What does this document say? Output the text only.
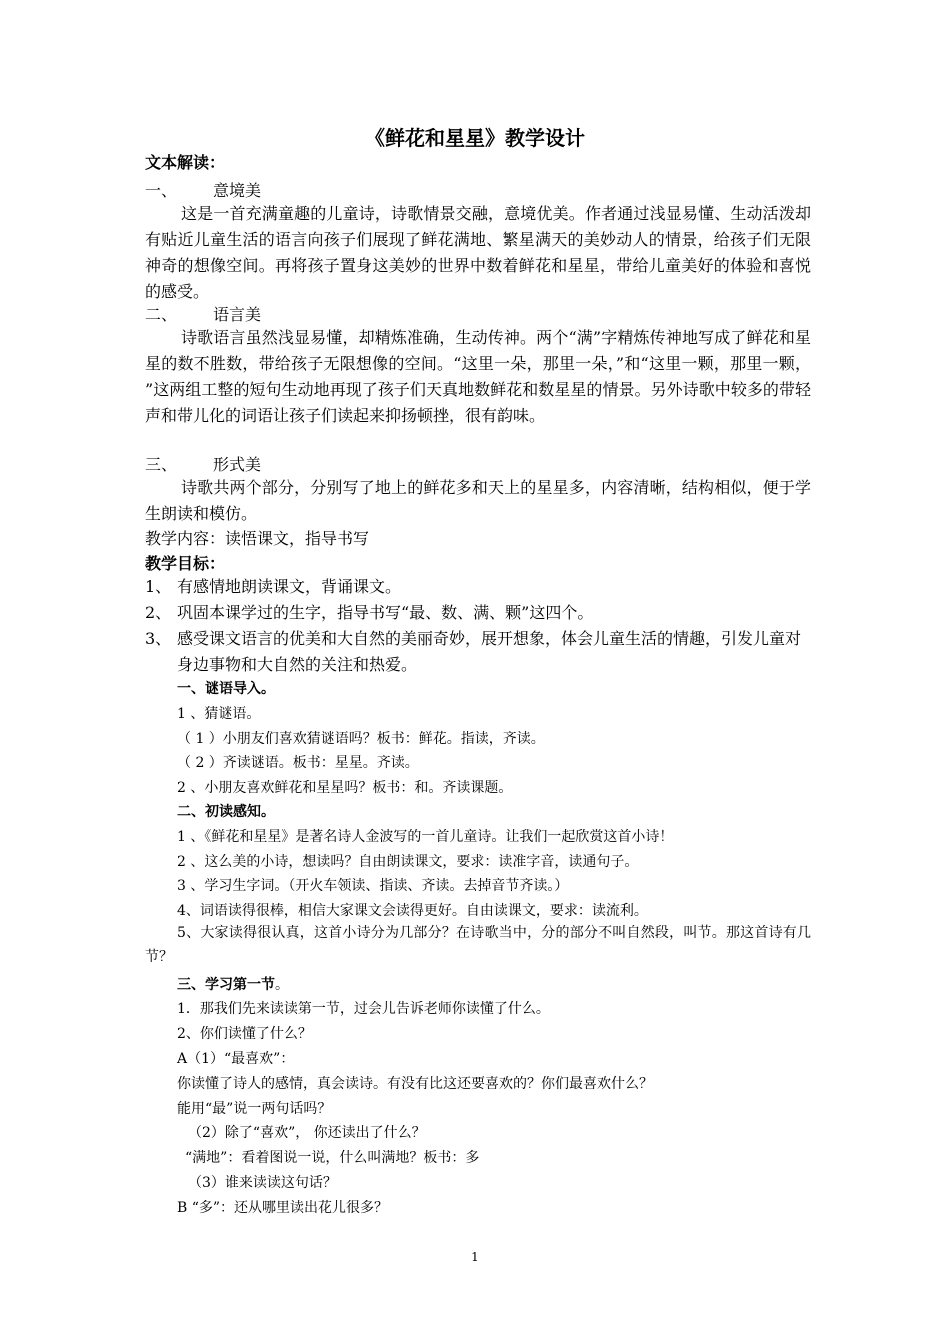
《鲜花和星星》教学设计
文本解读：
一、 意境美
这是一首充满童趣的儿童诗，诗歌情景交融，意境优美。作者通过浅显易懂、生动活泼却有贴近儿童生活的语言向孩子们展现了鲜花满地、繁星满天的美妙动人的情景，给孩子们无限神奇的想像空间。再将孩子置身这美妙的世界中数着鲜花和星星，带给儿童美好的体验和喜悦的感受。
二、 语言美
诗歌语言虽然浅显易懂，却精炼准确，生动传神。两个“满”字精炼传神地写成了鲜花和星星的数不胜数，带给孩子无限想像的空间。“这里一朵，那里一朵，”和“这里一颗，那里一颗， ”这两组工整的短句生动地再现了孩子们天真地数鲜花和数星星的情景。另外诗歌中较多的带轻声和带儿化的词语让孩子们读起来抑扬顿挫，很有韵味。
三、 形式美
诗歌共两个部分，分别写了地上的鲜花多和天上的星星多，内容清晰，结构相似，便于学生朗读和模仿。
教学内容：读悟课文，指导书写
教学目标：
1、 有感情地朗读课文，背诵课文。
2、 巩固本课学过的生字，指导书写“最、数、满、颗”这四个。
3、 感受课文语言的优美和大自然的美丽奇妙，展开想象，体会儿童生活的情趣，引发儿童对身边事物和大自然的关注和热爱。
一、谜语导入。
1 、猜谜语。
（ 1 ）小朋友们喜欢猜谜语吗？板书：鲜花。指读，齐读。
（ 2 ）齐读谜语。板书：星星。齐读。
2 、小朋友喜欢鲜花和星星吗？板书：和。齐读课题。
二、初读感知。
1 、《鲜花和星星》是著名诗人金波写的一首儿童诗。让我们一起欣赏这首小诗！
2 、这么美的小诗，想读吗？自由朗读课文，要求：读准字音，读通句子。
3 、学习生字词。（开火车领读、指读、齐读。去掉音节齐读。）
4、词语读得很棒，相信大家课文会读得更好。自由读课文，要求：读流利。
5、大家读得很认真，这首小诗分为几部分？在诗歌当中，分的部分不叫自然段，叫节。那这首诗有几节？
三、学习第一节。
1．那我们先来读读第一节，过会儿告诉老师你读懂了什么。
2、你们读懂了什么？
A（1）“最喜欢”：
你读懂了诗人的感情，真会读诗。有没有比这还要喜欢的？你们最喜欢什么？
能用“最”说一两句话吗？
（2）除了“喜欢”， 你还读出了什么？
“满地”：看着图说一说，什么叫满地？板书：多
（3）谁来读读这句话？
B “多”：还从哪里读出花儿很多？
1
